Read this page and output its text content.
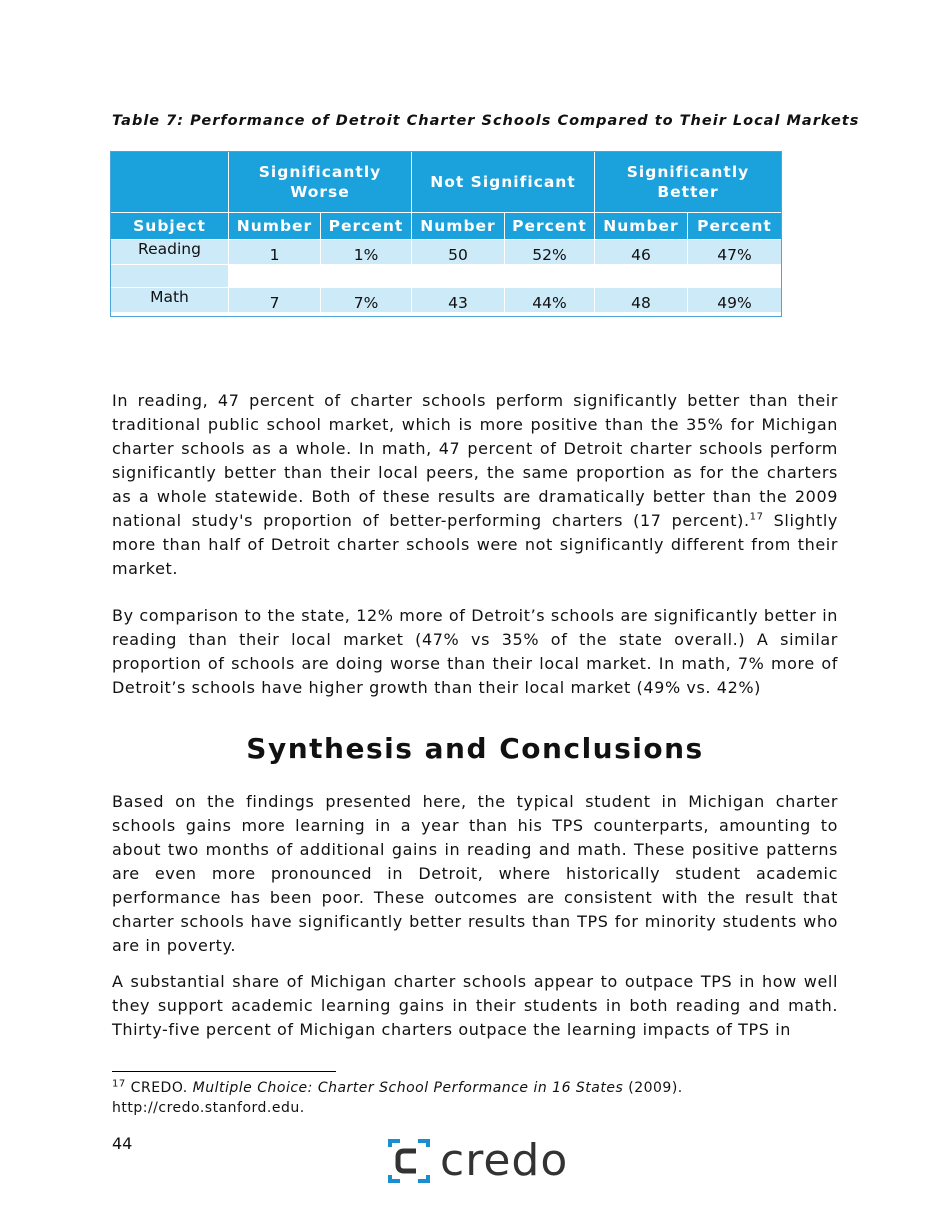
Table 7: Performance of Detroit Charter Schools Compared to Their Local Markets
	Significantly Worse		Not Significant		Significantly Better	
Subject	Number	Percent	Number	Percent	Number	Percent
Reading	1	1%	50	52%	46	47%

Math	7	7%	43	44%	48	49%

In reading, 47 percent of charter schools perform significantly better than their traditional public school market, which is more positive than the 35% for Michigan charter schools as a whole. In math, 47 percent of Detroit charter schools perform significantly better than their local peers, the same proportion as for the charters as a whole statewide. Both of these results are dramatically better than the 2009 national study's proportion of better-performing charters (17 percent).$^{17}$ Slightly more than half of Detroit charter schools were not significantly different from their market.

By comparison to the state, 12% more of Detroit’s schools are significantly better in reading than their local market (47% vs 35% of the state overall.) A similar proportion of schools are doing worse than their local market. In math, 7% more of Detroit’s schools have higher growth than their local market (49% vs. 42%)

Synthesis and Conclusions

Based on the findings presented here, the typical student in Michigan charter schools gains more learning in a year than his TPS counterparts, amounting to about two months of additional gains in reading and math. These positive patterns are even more pronounced in Detroit, where historically student academic performance has been poor. These outcomes are consistent with the result that charter schools have significantly better results than TPS for minority students who are in poverty.

A substantial share of Michigan charter schools appear to outpace TPS in how well they support academic learning gains in their students in both reading and math. Thirty-five percent of Michigan charters outpace the learning impacts of TPS in

$^{17}$ CREDO. Multiple Choice: Charter School Performance in 16 States (2009).
http://credo.stanford.edu.
44	credo
